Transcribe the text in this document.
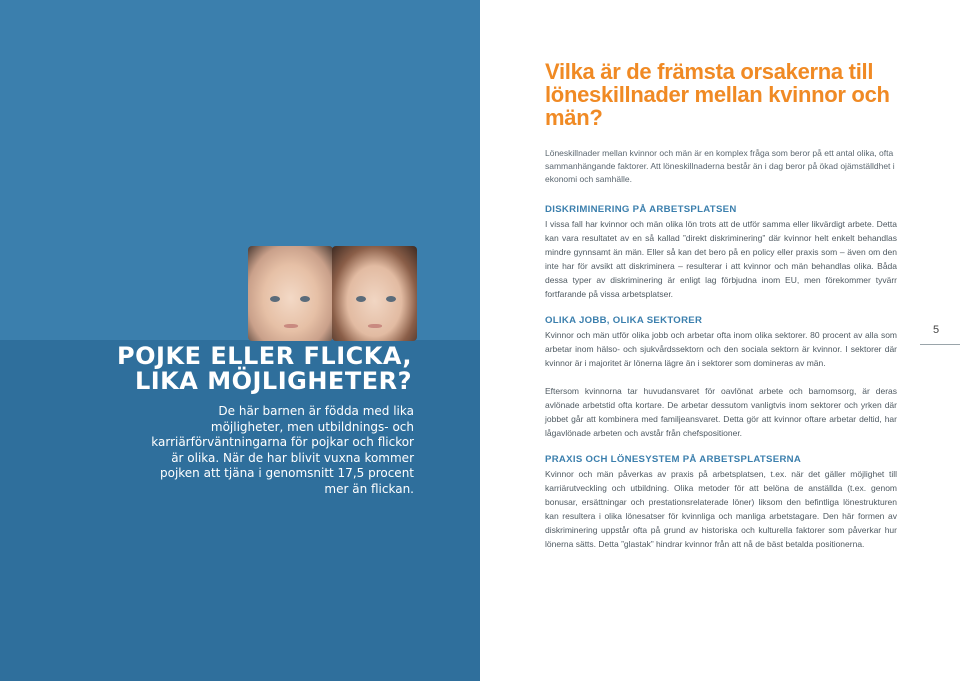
POJKE ELLER FLICKA,
LIKA MÖJLIGHETER?

De här barnen är födda med lika möjligheter, men utbildnings- och karriärförväntningarna för pojkar och flickor är olika. När de har blivit vuxna kommer pojken att tjäna i genomsnitt 17,5 procent mer än flickan.

Vilka är de främsta orsakerna till
löneskillnader mellan kvinnor och män?

Löneskillnader mellan kvinnor och män är en komplex fråga som beror på ett antal olika, ofta sammanhängande faktorer. Att löneskillnaderna består än i dag beror på ökad ojämställdhet i ekonomi och samhälle.

DISKRIMINERING PÅ ARBETSPLATSEN

I vissa fall har kvinnor och män olika lön trots att de utför samma eller likvärdigt arbete. Detta kan vara resultatet av en så kallad ”direkt diskriminering” där kvinnor helt enkelt behandlas mindre gynnsamt än män. Eller så kan det bero på en policy eller praxis som – även om den inte har för avsikt att diskriminera – resulterar i att kvinnor och män behandlas olika. Båda dessa typer av diskriminering är enligt lag förbjudna inom EU, men förekommer tyvärr fortfarande på vissa arbetsplatser.

OLIKA JOBB, OLIKA SEKTORER

Kvinnor och män utför olika jobb och arbetar ofta inom olika sektorer. 80 procent av alla som arbetar inom hälso- och sjukvårdssektorn och den sociala sektorn är kvinnor. I sektorer där kvinnor är i majoritet är lönerna lägre än i sektorer som domineras av män.

Eftersom kvinnorna tar huvudansvaret för oavlönat arbete och barnomsorg, är deras avlönade arbetstid ofta kortare. De arbetar dessutom vanligtvis inom sektorer och yrken där jobbet går att kombinera med familjeansvaret. Detta gör att kvinnor oftare arbetar deltid, har lågavlönade arbeten och avstår från chefspositioner.

PRAXIS OCH LÖNESYSTEM PÅ ARBETSPLATSERNA

Kvinnor och män påverkas av praxis på arbetsplatsen, t.ex. när det gäller möjlighet till karriärutveckling och utbildning. Olika metoder för att belöna de anställda (t.ex. genom bonusar, ersättningar och prestationsrelaterade löner) liksom den befintliga lönestrukturen kan resultera i olika lönesatser för kvinnliga och manliga arbetstagare. Den här formen av diskriminering uppstår ofta på grund av historiska och kulturella faktorer som påverkar hur lönerna sätts. Detta ”glastak” hindrar kvinnor från att nå de bäst betalda positionerna.

5
